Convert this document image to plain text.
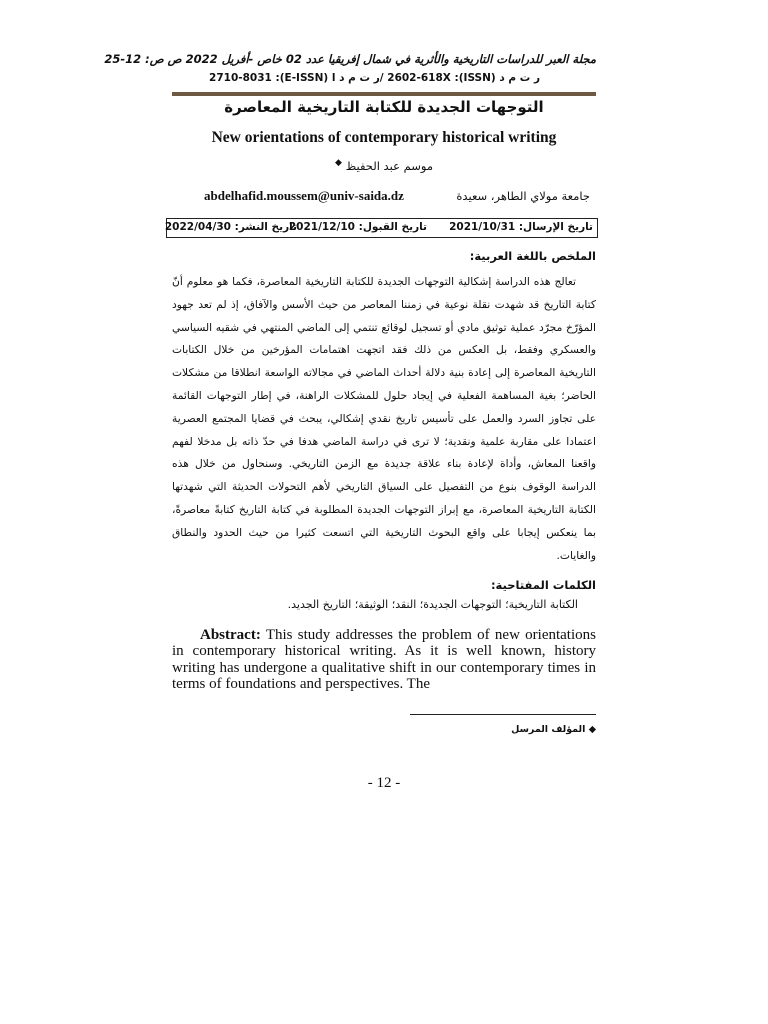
مجلة العبر للدراسات التاريخية والأثرية في شمال إفريقيا عدد 02 خاص -أفريل 2022 ص ص: 12-25
ر ت م د (ISSN): 2602-618X /ر ت م د ا (E-ISSN): 2710-8031
التوجهات الجديدة للكتابة التاريخية المعاصرة
New orientations of contemporary historical writing
موسم عبد الحفيظ ◆
abdelhafid.moussem@univ-saida.dz	جامعة مولاي الطاهر، سعيدة
تاريخ الإرسال: 2021/10/31
تاريخ القبول: 2021/12/10
تاريخ النشر: 2022/04/30
الملخص باللغة العربية:

تعالج هذه الدراسة إشكالية التوجهات الجديدة للكتابة التاريخية المعاصرة، فكما هو معلوم أنّ كتابة التاريخ قد شهدت نقلة نوعية في زمننا المعاصر من حيث الأسس والآفاق، إذ لم تعد جهود المؤرّخ مجرّد عملية توثيق مادي أو تسجيل لوقائع تنتمي إلى الماضي المنتهي في شقيه السياسي والعسكري وفقط، بل العكس من ذلك فقد اتجهت اهتمامات المؤرخين من خلال الكتابات التاريخية المعاصرة إلى إعادة بنية دلالة أحداث الماضي في مجالاته الواسعة انطلاقا من مشكلات الحاضر؛ بغية المساهمة الفعلية في إيجاد حلول للمشكلات الراهنة، في إطار التوجهات القائمة على تجاوز السرد والعمل على تأسيس تاريخ نقدي إشكالي، يبحث في قضايا المجتمع العصرية اعتمادا على مقاربة علمية ونقدية؛ لا ترى في دراسة الماضي هدفا في حدّ ذاته بل مدخلا لفهم واقعنا المعاش، وأداة لإعادة بناء علاقة جديدة مع الزمن التاريخي. وسنحاول من خلال هذه الدراسة الوقوف بنوع من التفصيل على السياق التاريخي لأهم التحولات الحديثة التي شهدتها الكتابة التاريخية المعاصرة، مع إبراز التوجهات الجديدة المطلوبة في كتابة التاريخ كتابةً معاصرةً، بما ينعكس إيجابا على واقع البحوث التاريخية التي اتسعت كثيرا من حيث الحدود والنطاق والغايات.

الكلمات المفتاحية:
الكتابة التاريخية؛ التوجهات الجديدة؛ النقد؛ الوثيقة؛ التاريخ الجديد.

Abstract: This study addresses the problem of new orientations in contemporary historical writing. As it is well known, history writing has undergone a qualitative shift in our contemporary times in terms of foundations and perspectives. The

◆ المؤلف المرسل
- 12 -
